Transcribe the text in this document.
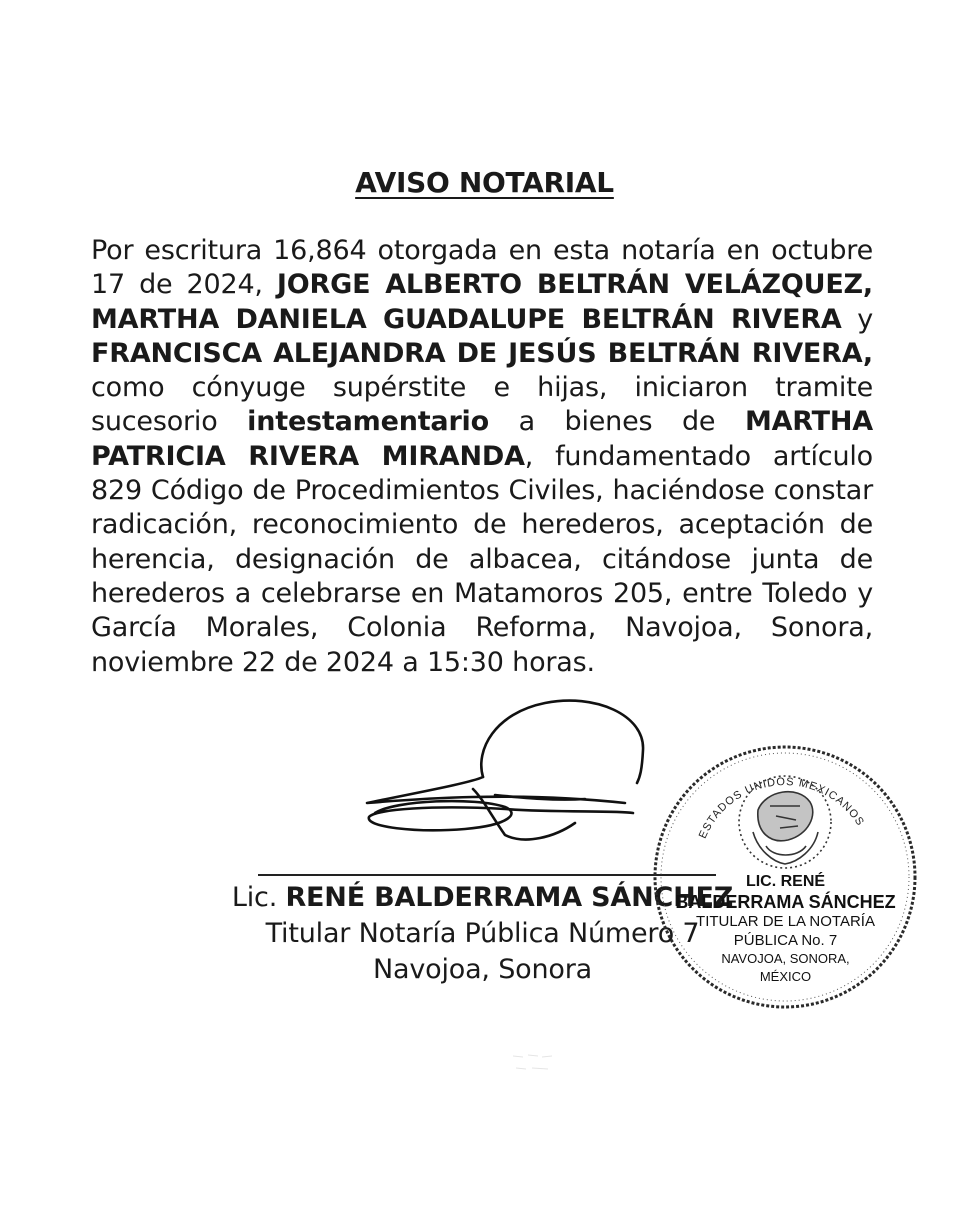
AVISO NOTARIAL
Por escritura 16,864 otorgada en esta notaría en octubre 17 de 2024, JORGE ALBERTO BELTRÁN VELÁZQUEZ, MARTHA DANIELA GUADALUPE BELTRÁN RIVERA y FRANCISCA ALEJANDRA DE JESÚS BELTRÁN RIVERA, como cónyuge supérstite e hijas, iniciaron tramite sucesorio intestamentario a bienes de MARTHA PATRICIA RIVERA MIRANDA, fundamentado artículo 829 Código de Procedimientos Civiles, haciéndose constar radicación, reconocimiento de herederos, aceptación de herencia, designación de albacea, citándose junta de herederos a celebrarse en Matamoros 205, entre Toledo y García Morales, Colonia Reforma, Navojoa, Sonora, noviembre 22 de 2024 a 15:30 horas.
Lic. RENÉ BALDERRAMA SÁNCHEZ
Titular Notaría Pública Número 7
Navojoa, Sonora
ESTADOS UNIDOS MEXICANOS
LIC. RENÉ
BALDERRAMA SÁNCHEZ
TITULAR DE LA NOTARÍA
PÚBLICA No. 7
NAVOJOA, SONORA,
MÉXICO
